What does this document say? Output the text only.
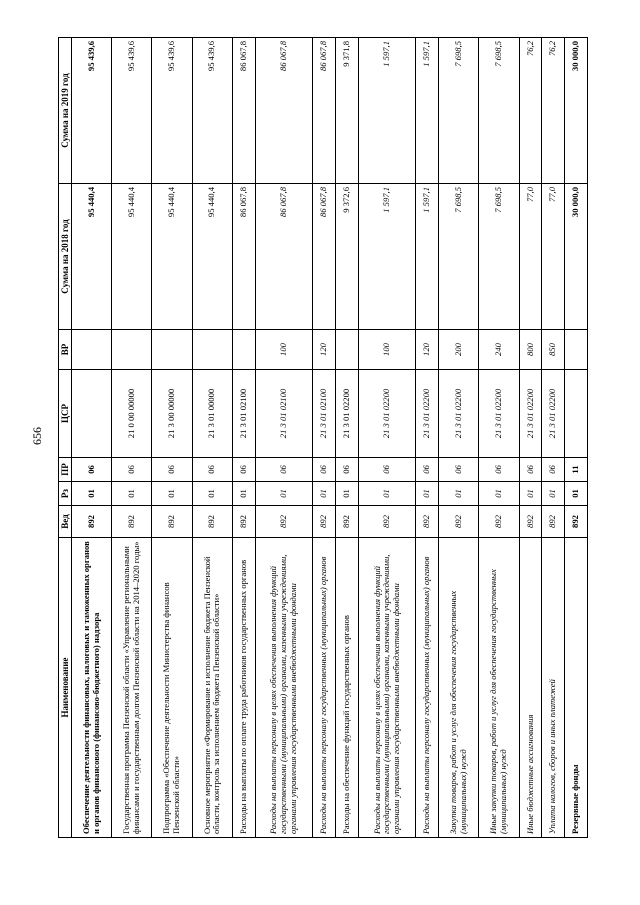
656
Наименование	Вед	Рз	ПР	ЦСР	ВР	Сумма на 2018 год	Сумма на 2019 год
Обеспечение деятельности финансовых, налоговых и таможенных органов и органов финансового (финансово-бюджетного) надзора	892	01	06			95 440,4	95 439,6
Государственная программа Пензенской области «Управление региональными финансами и государственным долгом Пензенской области на 2014–2020 годы»	892	01	06	21 0 00 00000		95 440,4	95 439,6
Подпрограмма «Обеспечение деятельности Министерства финансов Пензенской области»	892	01	06	21 3 00 00000		95 440,4	95 439,6
Основное мероприятие «Формирование и исполнение бюджета Пензенской области, контроль за исполнением бюджета Пензенской области»	892	01	06	21 3 01 00000		95 440,4	95 439,6
Расходы на выплаты по оплате труда работников государственных органов	892	01	06	21 3 01 02100		86 067,8	86 067,8
Расходы на выплаты персоналу в целях обеспечения выполнения функций государственными (муниципальными) органами, казенными учреждениями, органами управления государственными внебюджетными фондами	892	01	06	21 3 01 02100	100	86 067,8	86 067,8
Расходы на выплаты персоналу государственных (муниципальных) органов	892	01	06	21 3 01 02100	120	86 067,8	86 067,8
Расходы на обеспечение функций государственных органов	892	01	06	21 3 01 02200		9 372,6	9 371,8
Расходы на выплаты персоналу в целях обеспечения выполнения функций государственными (муниципальными) органами, казенными учреждениями, органами управления государственными внебюджетными фондами	892	01	06	21 3 01 02200	100	1 597,1	1 597,1
Расходы на выплаты персоналу государственных (муниципальных) органов	892	01	06	21 3 01 02200	120	1 597,1	1 597,1
Закупка товаров, работ и услуг для обеспечения государственных (муниципальных) нужд	892	01	06	21 3 01 02200	200	7 698,5	7 698,5
Иные закупки товаров, работ и услуг для обеспечения государственных (муниципальных) нужд	892	01	06	21 3 01 02200	240	7 698,5	7 698,5
Иные бюджетные ассигнования	892	01	06	21 3 01 02200	800	77,0	76,2
Уплата налогов, сборов и иных платежей	892	01	06	21 3 01 02200	850	77,0	76,2
Резервные фонды	892	01	11			30 000,0	30 000,0
